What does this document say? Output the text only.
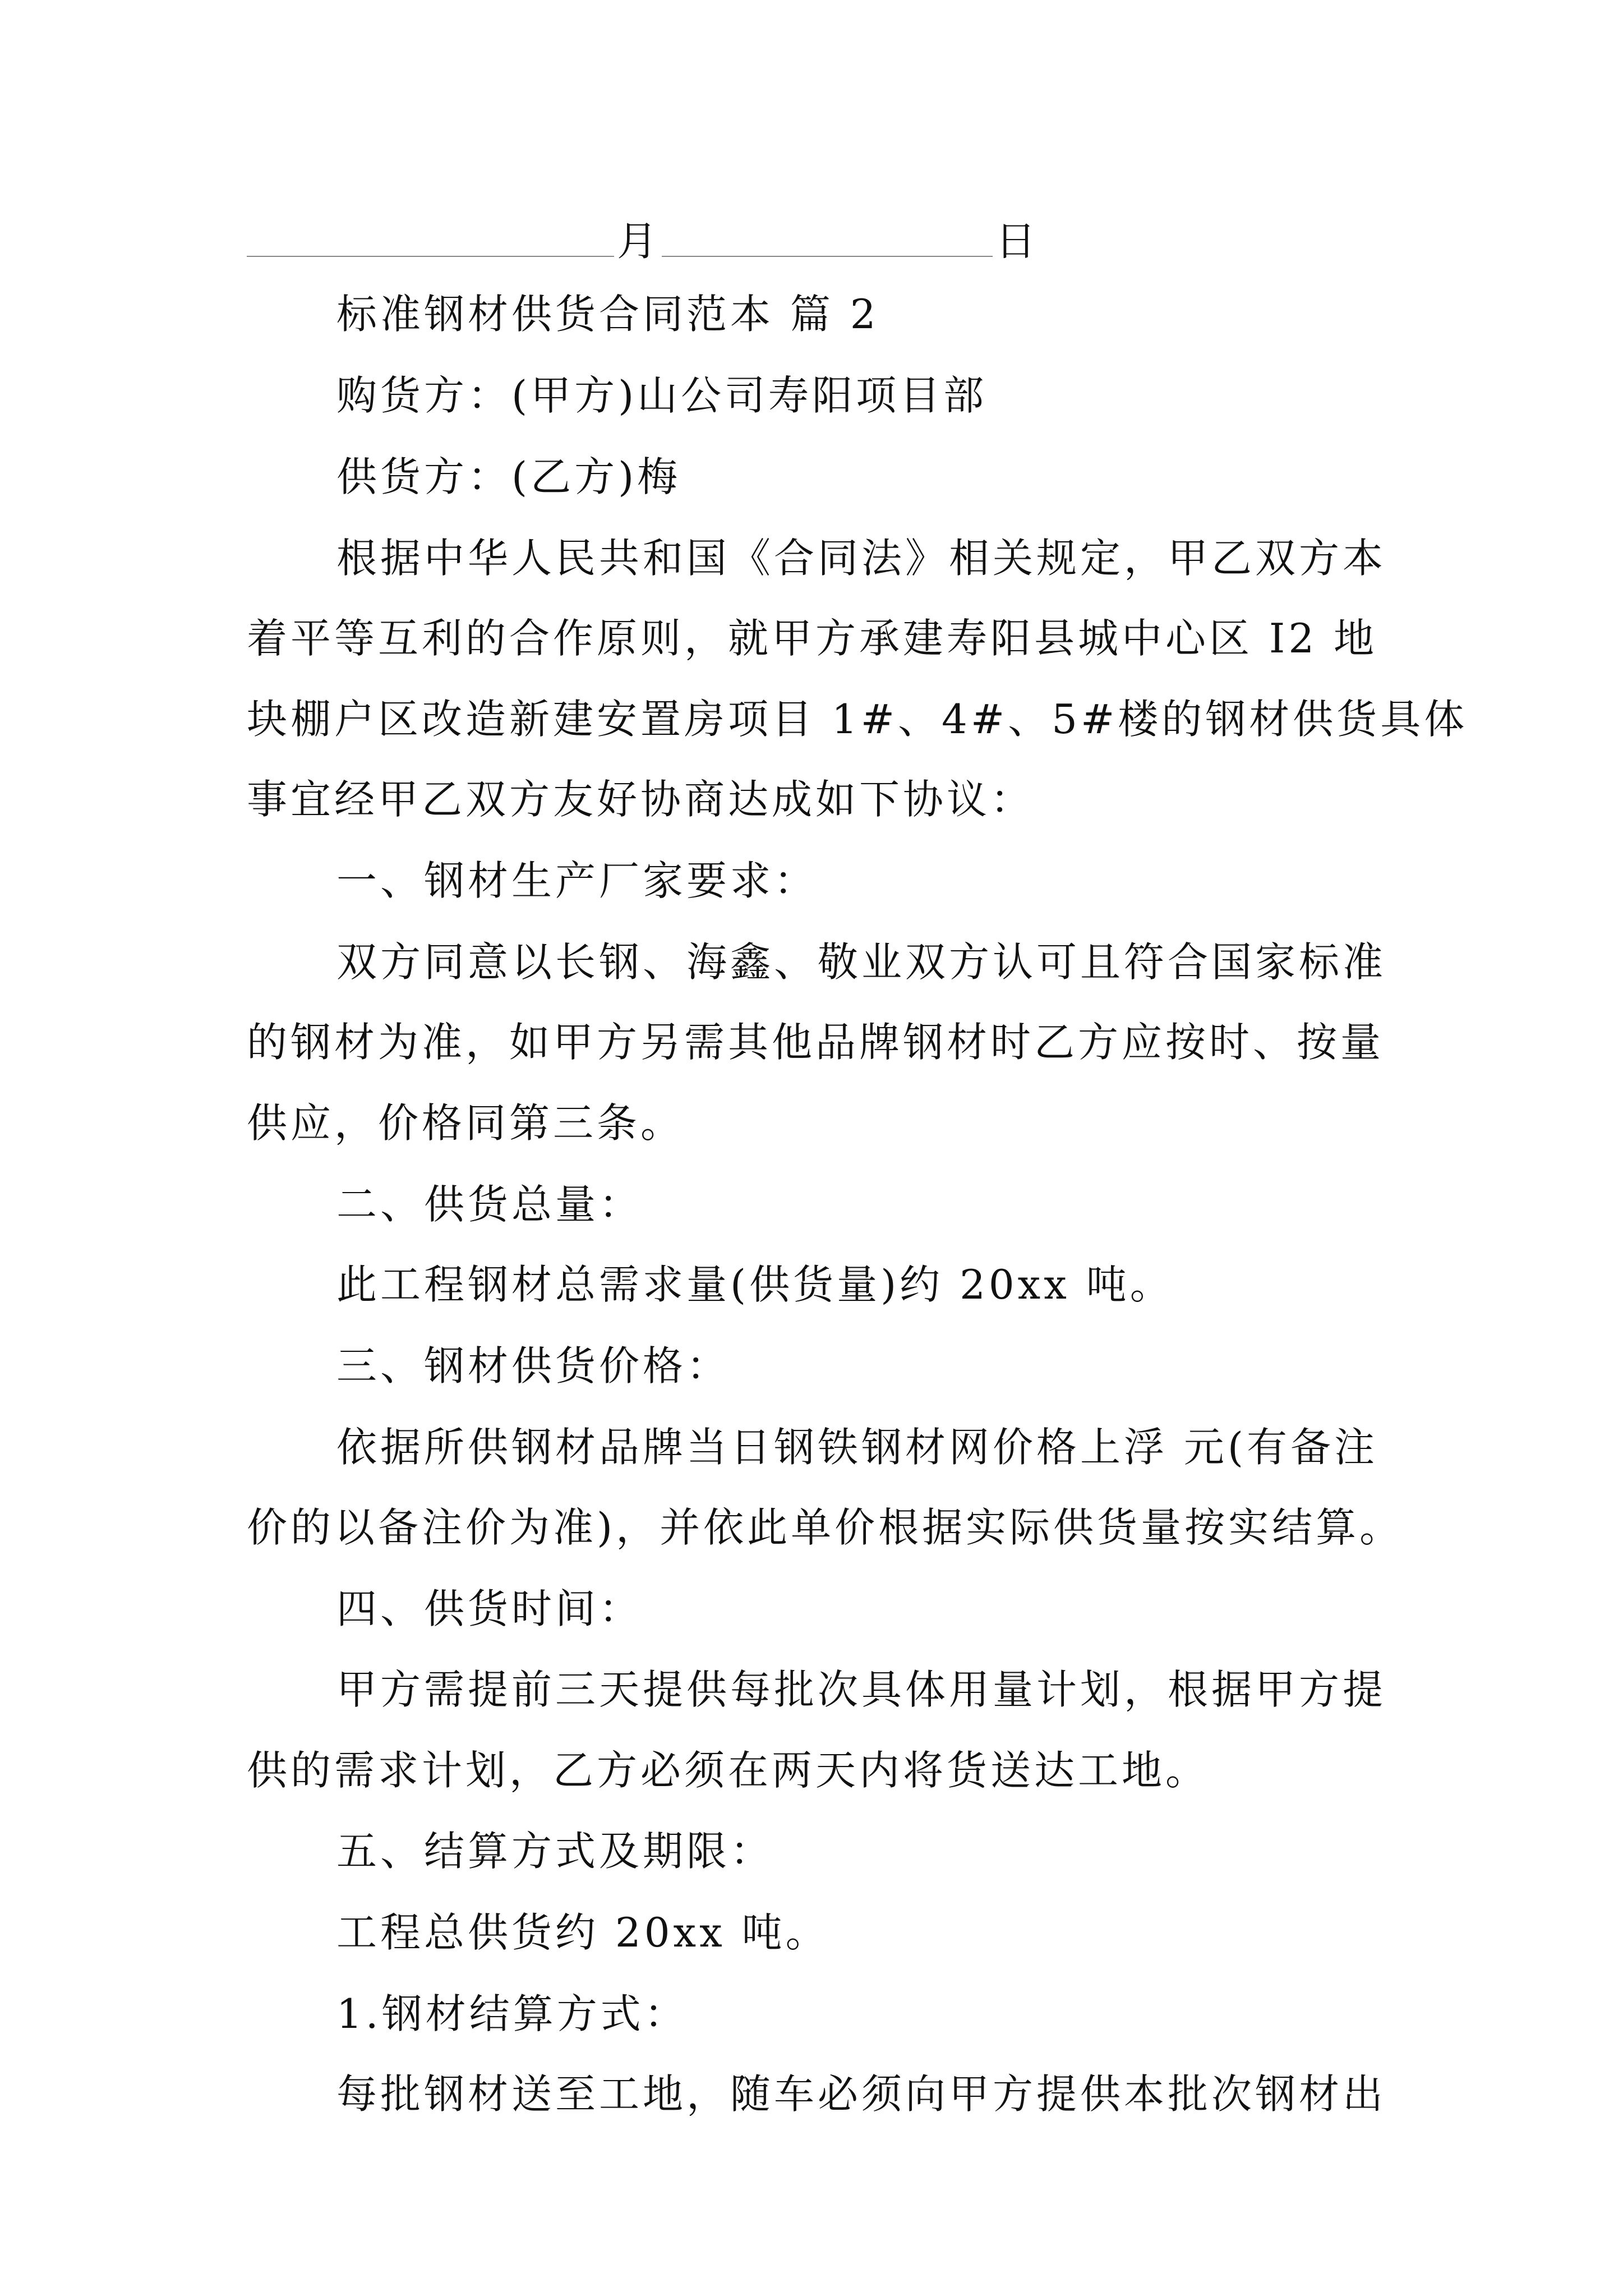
月	日
标准钢材供货合同范本 篇 2
购货方：(甲方)山公司寿阳项目部
供货方：(乙方)梅
根据中华人民共和国《合同法》相关规定，甲乙双方本
着平等互利的合作原则，就甲方承建寿阳县城中心区 I2 地
块棚户区改造新建安置房项目 1#、4#、5#楼的钢材供货具体
事宜经甲乙双方友好协商达成如下协议：
一、钢材生产厂家要求：
双方同意以长钢、海鑫、敬业双方认可且符合国家标准
的钢材为准，如甲方另需其他品牌钢材时乙方应按时、按量
供应，价格同第三条。
二、供货总量：
此工程钢材总需求量(供货量)约 20xx 吨。
三、钢材供货价格：
依据所供钢材品牌当日钢铁钢材网价格上浮 元(有备注
价的以备注价为准)，并依此单价根据实际供货量按实结算。
四、供货时间：
甲方需提前三天提供每批次具体用量计划，根据甲方提
供的需求计划，乙方必须在两天内将货送达工地。
五、结算方式及期限：
工程总供货约 20xx 吨。
1.钢材结算方式：
每批钢材送至工地，随车必须向甲方提供本批次钢材出
